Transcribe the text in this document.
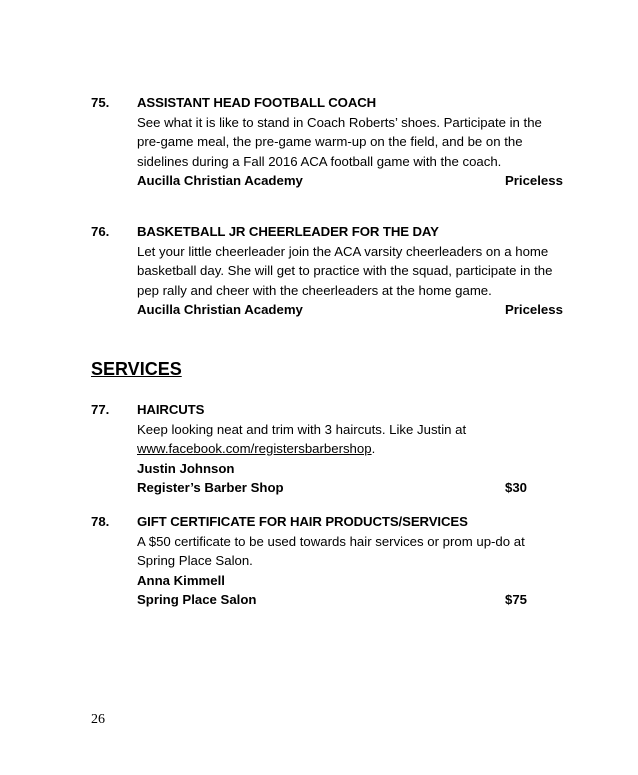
75. ASSISTANT HEAD FOOTBALL COACH
See what it is like to stand in Coach Roberts’ shoes. Participate in the pre-game meal, the pre-game warm-up on the field, and be on the sidelines during a Fall 2016 ACA football game with the coach.
Aucilla Christian Academy	Priceless
76. BASKETBALL JR CHEERLEADER FOR THE DAY
Let your little cheerleader join the ACA varsity cheerleaders on a home basketball day. She will get to practice with the squad, participate in the pep rally and cheer with the cheerleaders at the home game.
Aucilla Christian Academy	Priceless
SERVICES
77. HAIRCUTS
Keep looking neat and trim with 3 haircuts. Like Justin at www.facebook.com/registersbarbershop.
Justin Johnson
Register’s Barber Shop	$30
78. GIFT CERTIFICATE FOR HAIR PRODUCTS/SERVICES
A $50 certificate to be used towards hair services or prom up-do at Spring Place Salon.
Anna Kimmell
Spring Place Salon	$75
26
